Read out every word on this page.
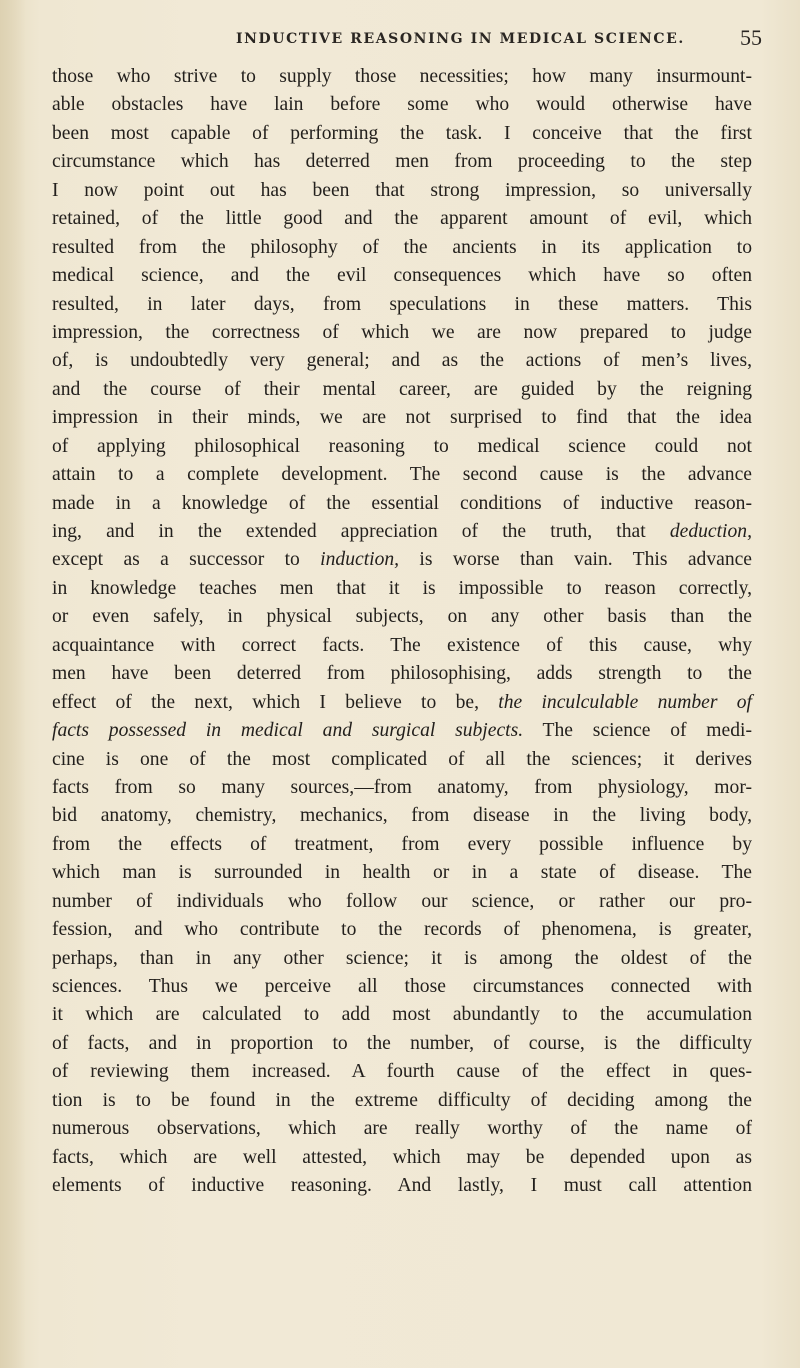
INDUCTIVE REASONING IN MEDICAL SCIENCE.	55
those who strive to supply those necessities; how many insurmount-
able obstacles have lain before some who would otherwise have
been most capable of performing the task. I conceive that the first
circumstance which has deterred men from proceeding to the step
I now point out has been that strong impression, so universally
retained, of the little good and the apparent amount of evil, which
resulted from the philosophy of the ancients in its application to
medical science, and the evil consequences which have so often
resulted, in later days, from speculations in these matters. This
impression, the correctness of which we are now prepared to judge
of, is undoubtedly very general; and as the actions of men’s lives,
and the course of their mental career, are guided by the reigning
impression in their minds, we are not surprised to find that the idea
of applying philosophical reasoning to medical science could not
attain to a complete development. The second cause is the advance
made in a knowledge of the essential conditions of inductive reason-
ing, and in the extended appreciation of the truth, that deduction,
except as a successor to induction, is worse than vain. This advance
in knowledge teaches men that it is impossible to reason correctly,
or even safely, in physical subjects, on any other basis than the
acquaintance with correct facts. The existence of this cause, why
men have been deterred from philosophising, adds strength to the
effect of the next, which I believe to be, the inculculable number of
facts possessed in medical and surgical subjects. The science of medi-
cine is one of the most complicated of all the sciences; it derives
facts from so many sources,—from anatomy, from physiology, mor-
bid anatomy, chemistry, mechanics, from disease in the living body,
from the effects of treatment, from every possible influence by
which man is surrounded in health or in a state of disease. The
number of individuals who follow our science, or rather our pro-
fession, and who contribute to the records of phenomena, is greater,
perhaps, than in any other science; it is among the oldest of the
sciences. Thus we perceive all those circumstances connected with
it which are calculated to add most abundantly to the accumulation
of facts, and in proportion to the number, of course, is the difficulty
of reviewing them increased. A fourth cause of the effect in ques-
tion is to be found in the extreme difficulty of deciding among the
numerous observations, which are really worthy of the name of
facts, which are well attested, which may be depended upon as
elements of inductive reasoning. And lastly, I must call attention
